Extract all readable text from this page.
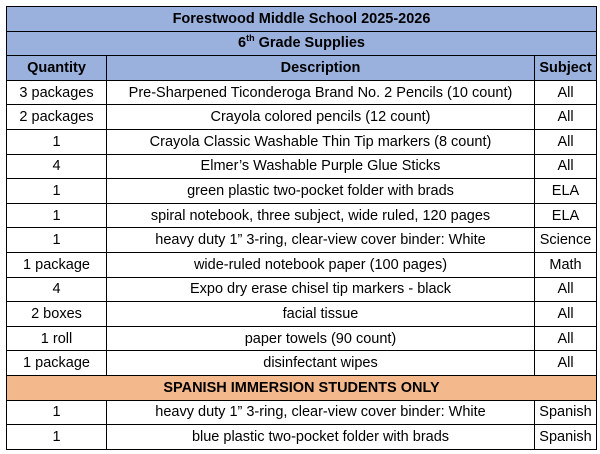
Forestwood Middle School 2025-2026		
6th Grade Supplies		
Quantity	Description	Subject
3 packages	Pre-Sharpened Ticonderoga Brand No. 2 Pencils (10 count)	All
2 packages	Crayola colored pencils (12 count)	All
1	Crayola Classic Washable Thin Tip markers (8 count)	All
4	Elmer’s Washable Purple Glue Sticks	All
1	green plastic two-pocket folder with brads	ELA
1	spiral notebook, three subject, wide ruled, 120 pages	ELA
1	heavy duty 1” 3-ring, clear-view cover binder: White	Science
1 package	wide-ruled notebook paper (100 pages)	Math
4	Expo dry erase chisel tip markers - black	All
2 boxes	facial tissue	All
1 roll	paper towels (90 count)	All
1 package	disinfectant wipes	All
SPANISH IMMERSION STUDENTS ONLY		
1	heavy duty 1” 3-ring, clear-view cover binder: White	Spanish
1	blue plastic two-pocket folder with brads	Spanish
